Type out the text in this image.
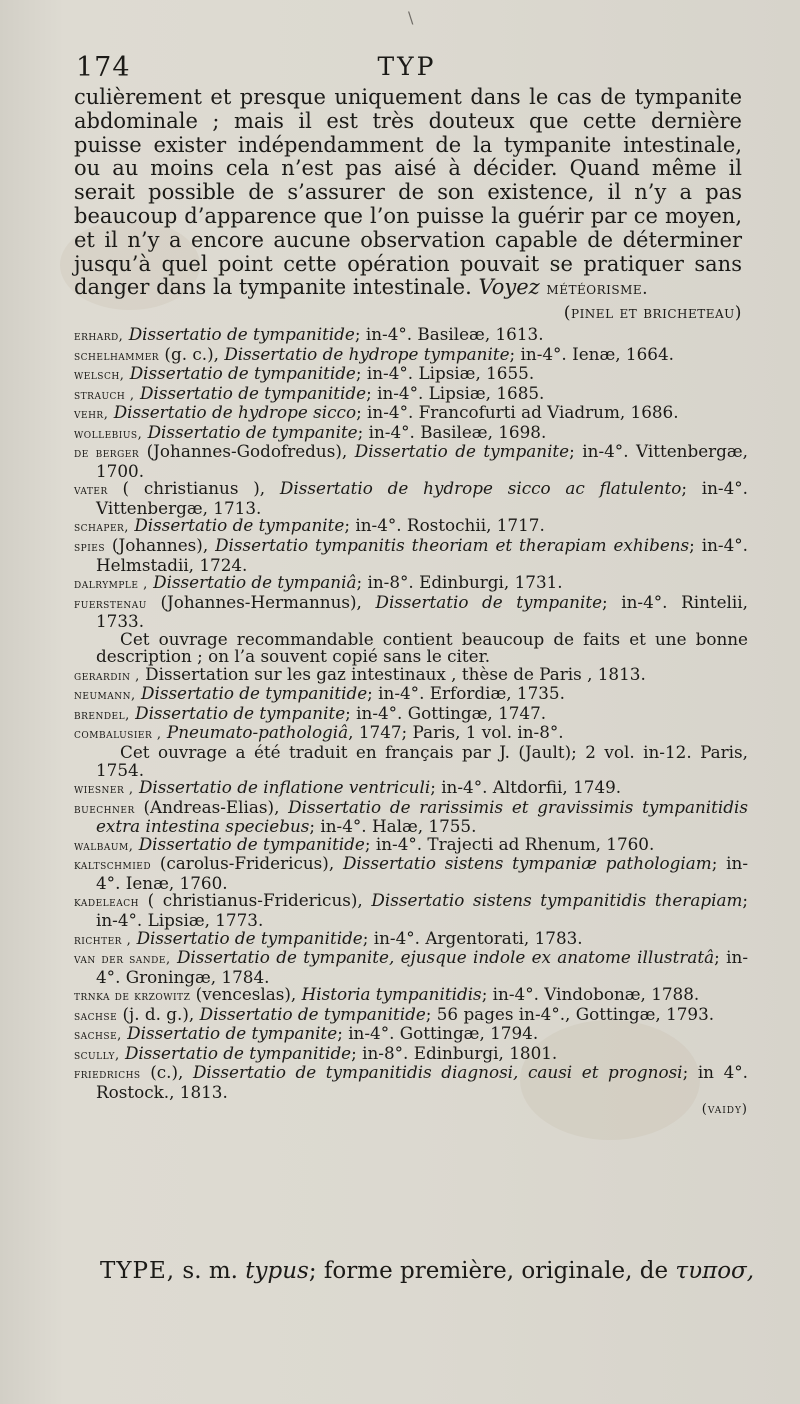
\
174	TYP

culièrement et presque uniquement dans le cas de tympanite abdominale ; mais il est très douteux que cette dernière puisse exister indépendamment de la tympanite intestinale, ou au moins cela n’est pas aisé à décider. Quand même il serait possible de s’assurer de son existence, il n’y a pas beaucoup d’apparence que l’on puisse la guérir par ce moyen, et il n’y a encore aucune observation capable de déterminer jusqu’à quel point cette opération pouvait se pratiquer sans danger dans la tympanite intestinale. Voyez météorisme.
(pinel et bricheteau)

erhard, Dissertatio de tympanitide; in-4°. Basileæ, 1613.
schelhammer (g. c.), Dissertatio de hydrope tympanite; in-4°. Ienæ, 1664.
welsch, Dissertatio de tympanitide; in-4°. Lipsiæ, 1655.
strauch , Dissertatio de tympanitide; in-4°. Lipsiæ, 1685.
vehr, Dissertatio de hydrope sicco; in-4°. Francofurti ad Viadrum, 1686.
wollebius, Dissertatio de tympanite; in-4°. Basileæ, 1698.
de berger (Johannes-Godofredus), Dissertatio de tympanite; in-4°. Vittenbergæ, 1700.
vater ( christianus ), Dissertatio de hydrope sicco ac flatulento; in-4°. Vittenbergæ, 1713.
schaper, Dissertatio de tympanite; in-4°. Rostochii, 1717.
spies (Johannes), Dissertatio tympanitis theoriam et therapiam exhibens; in-4°. Helmstadii, 1724.
dalrymple , Dissertatio de tympaniâ; in-8°. Edinburgi, 1731.
fuerstenau (Johannes-Hermannus), Dissertatio de tympanite; in-4°. Rintelii, 1733.
Cet ouvrage recommandable contient beaucoup de faits et une bonne description ; on l’a souvent copié sans le citer.
gerardin , Dissertation sur les gaz intestinaux , thèse de Paris , 1813.
neumann, Dissertatio de tympanitide; in-4°. Erfordiæ, 1735.
brendel, Dissertatio de tympanite; in-4°. Gottingæ, 1747.
combalusier , Pneumato-pathologiâ, 1747; Paris, 1 vol. in-8°.
Cet ouvrage a été traduit en français par J. (Jault); 2 vol. in-12. Paris, 1754.
wiesner , Dissertatio de inflatione ventriculi; in-4°. Altdorfii, 1749.
buechner (Andreas-Elias), Dissertatio de rarissimis et gravissimis tympanitidis extra intestina speciebus; in-4°. Halæ, 1755.
walbaum, Dissertatio de tympanitide; in-4°. Trajecti ad Rhenum, 1760.
kaltschmied (carolus-Fridericus), Dissertatio sistens tympaniæ pathologiam; in-4°. Ienæ, 1760.
kadeleach ( christianus-Fridericus), Dissertatio sistens tympanitidis therapiam; in-4°. Lipsiæ, 1773.
richter , Dissertatio de tympanitide; in-4°. Argentorati, 1783.
van der sande, Dissertatio de tympanite, ejusque indole ex anatome illustratâ; in-4°. Groningæ, 1784.
trnka de krzowitz (venceslas), Historia tympanitidis; in-4°. Vindobonæ, 1788.
sachse (j. d. g.), Dissertatio de tympanitide; 56 pages in-4°., Gottingæ, 1793.
sachse, Dissertatio de tympanite; in-4°. Gottingæ, 1794.
scully, Dissertatio de tympanitide; in-8°. Edinburgi, 1801.
friedrichs (c.), Dissertatio de tympanitidis diagnosi, causi et prognosi; in 4°. Rostock., 1813.
(vaidy)
TYPE, s. m. typus; forme première, originale, de τυποσ,
